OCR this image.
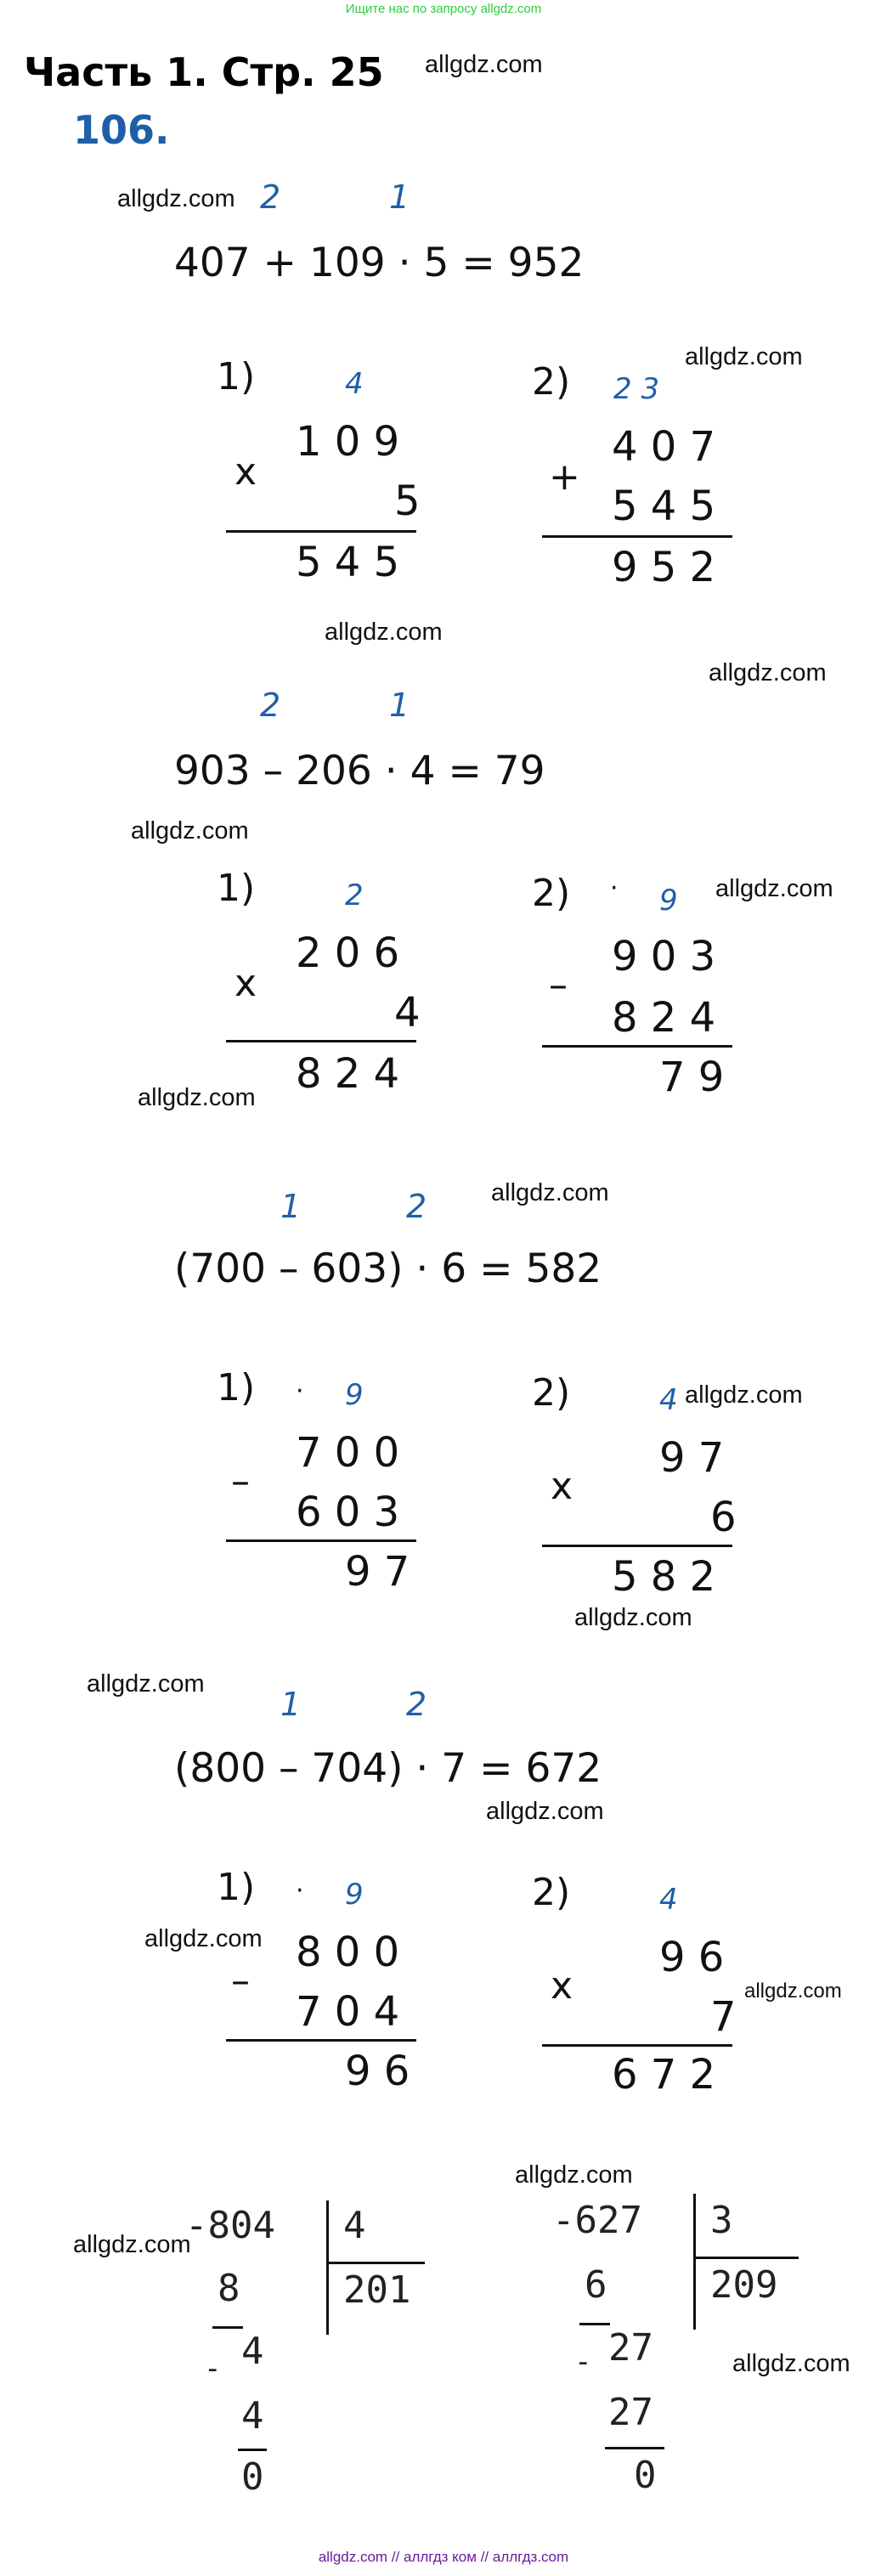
Ищите нас по запросу allgdz.com
Часть 1. Стр. 25 allgdz.com
106.
allgdz.com 2	1
407 + 109 · 5 = 952
allgdz.com
1)	4
1 0 9
x
5
5 4 5
2) 2 3
4 0 7
+
5 4 5
9 5 2
allgdz.com
allgdz.com
2	1
903 – 206 · 4 = 79
allgdz.com
1)	2
2 0 6
x
4
8 2 4
allgdz.com
2) · 9 allgdz.com
9 0 3
–
8 2 4
7 9
allgdz.com
1	2
(700 – 603) · 6 = 582
1) · 9
7 0 0
–
6 0 3
9 7
2)	4 allgdz.com
9 7
x
6
5 8 2
allgdz.com
allgdz.com
1	2
(800 – 704) · 7 = 672
allgdz.com
1) · 9
allgdz.com 8 0 0
–
7 0 4
9 6
2)	4
9 6
x
7
allgdz.com
6 7 2
allgdz.com
allgdz.com
-804 4
201
8
- 4
4
0
-627 3
209
6
- 27	allgdz.com
27
0
allgdz.com // аллгдз ком // аллгдз.com
